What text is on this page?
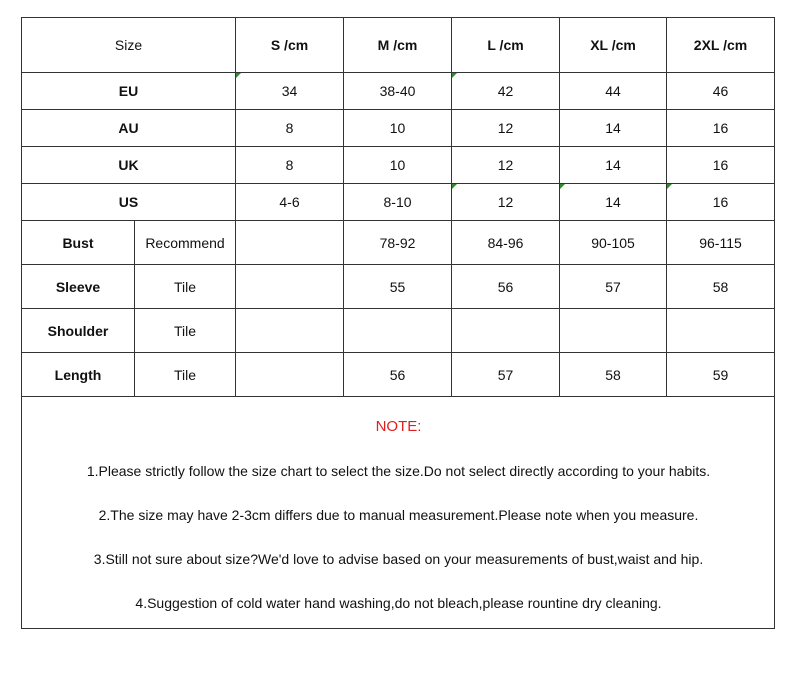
Size		S /cm	M /cm	L /cm	XL /cm	2XL /cm
EU		34	38-40	42	44	46
AU		8	10	12	14	16
UK		8	10	12	14	16
US		4-6	8-10	12	14	16
Bust	Recommend		78-92	84-96	90-105	96-115
Sleeve	Tile		55	56	57	58
Shoulder	Tile					
Length	Tile		56	57	58	59
NOTE:
1.Please strictly follow the size chart to select the size.Do not select directly according to your habits.
2.The size may have 2-3cm differs due to manual measurement.Please note when you measure.
3.Still not sure about size?We'd love to advise based on your measurements of bust,waist and hip.
4.Suggestion of cold water hand washing,do not bleach,please rountine dry cleaning.
